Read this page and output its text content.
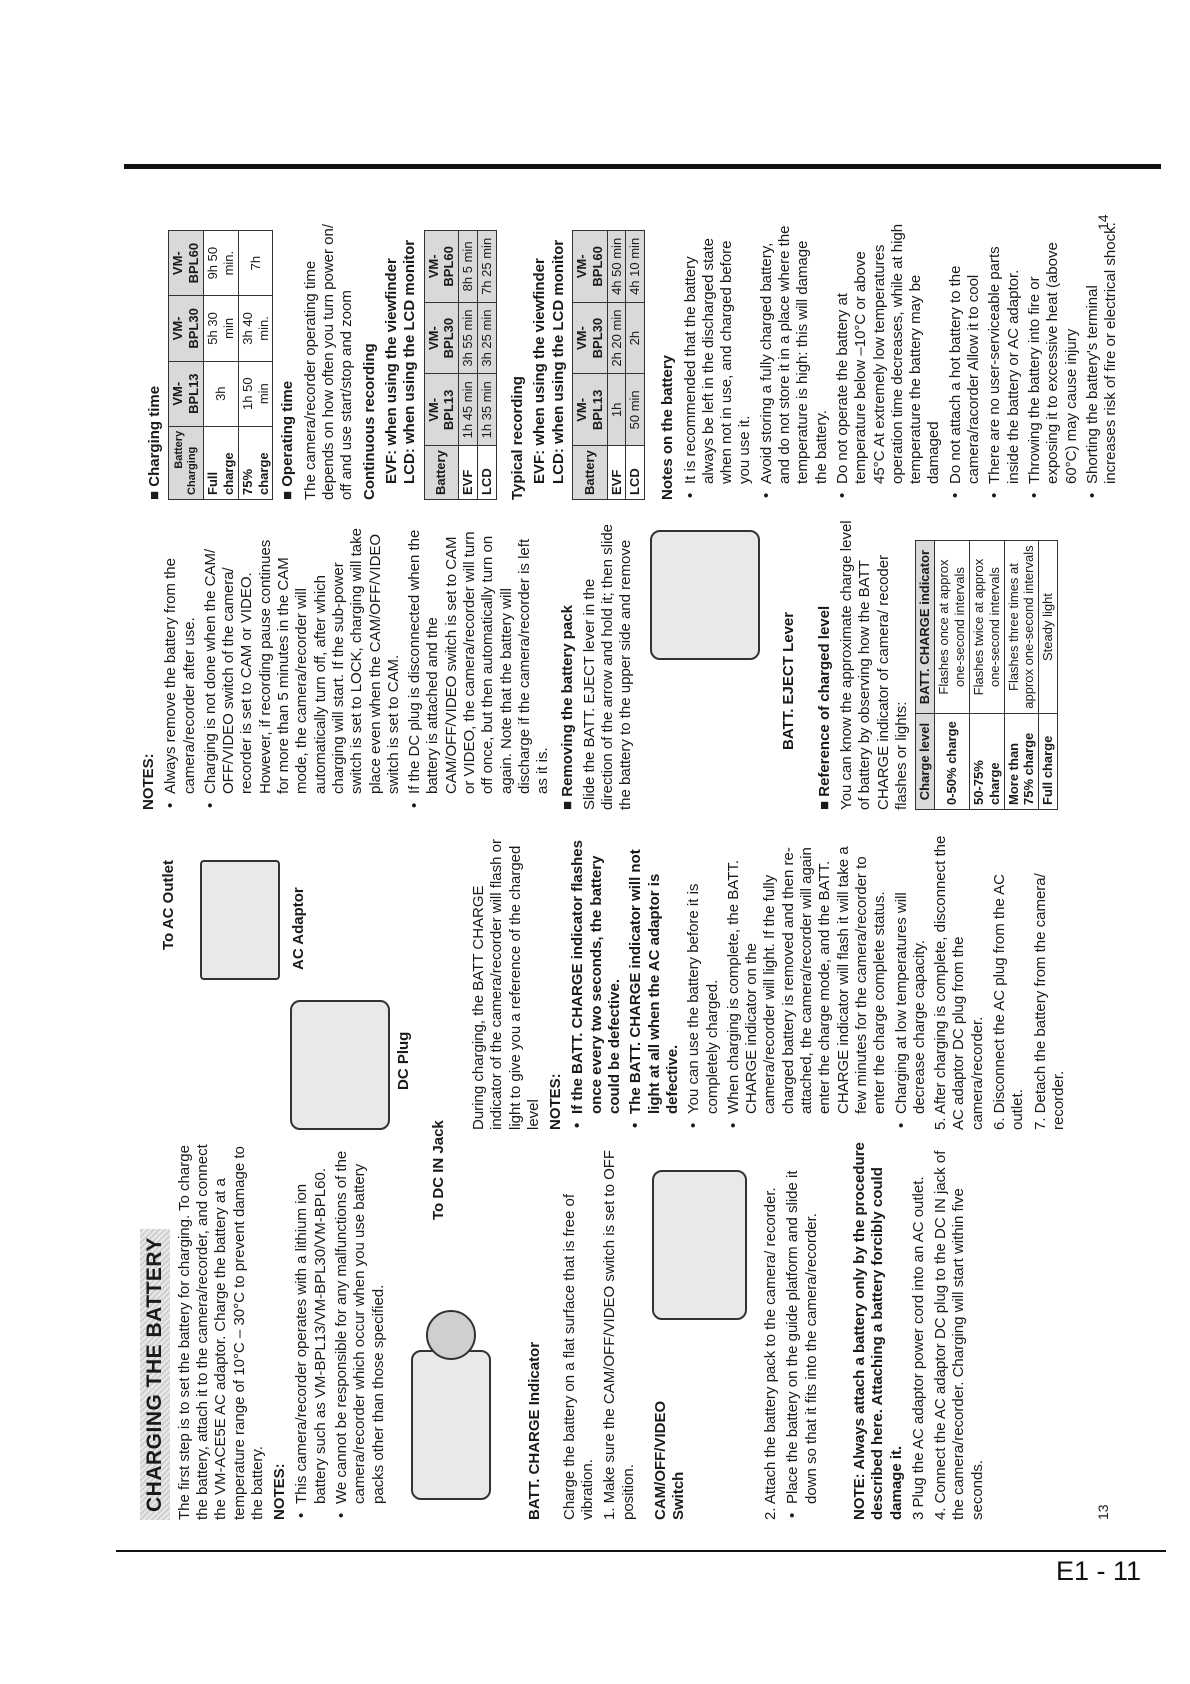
E1 - 11
CHARGING THE BATTERY The first step is to set the battery for charging. To charge the battery, attach it to the camera/recorder, and connect the VM-ACE5E AC adaptor. Charge the battery at a temperature range of 10°C – 30°C to prevent damage to the battery. NOTES: • This camera/recorder operates with a lithium ion battery such as VM-BPL13/VM-BPL30/VM-BPL60. • We cannot be responsible for any malfunctions of the camera/recorder which occur when you use battery packs other than those specified.	BATT. CHARGE Indicator Charge the battery on a flat surface that is free of vibration. 1. Make sure the CAM/OFF/VIDEO switch is set to OFF position. CAM/OFF/VIDEO Switch	2. Attach the battery pack to the camera/ recorder. • Place the battery on the guide platform and slide it down so that it fits into the camera/recorder. NOTE: Always attach a battery only by the procedure described here. Attaching a battery forcibly could damage it. 3 Plug the AC adaptor power cord into an AC outlet. 4. Connect the AC adaptor DC plug to the DC IN jack of the camera/recorder. Charging will start within five seconds.	13
To DC IN Jack
DC Plug
AC Adaptor
To AC Outlet	During charging, the BATT CHARGE indicator of the camera/recorder will flash or light to give you a reference of the charged level NOTES: • If the BATT. CHARGE indicator flashes once every two seconds, the battery could be defective. • The BATT. CHARGE indicator will not light at all when the AC adaptor is defective. • You can use the battery before it is completely charged. • When charging is complete, the BATT. CHARGE indicator on the camera/recorder will light. If the fully charged battery is removed and then re-attached, the camera/recorder will again enter the charge mode, and the BATT. CHARGE indicator will flash it will take a few minutes for the camera/recorder to enter the charge complete status. • Charging at low temperatures will decrease charge capacity. 5. After charging is complete, disconnect the AC adaptor DC plug from the camera/recorder. 6. Disconnect the AC plug from the AC outlet. 7. Detach the battery from the camera/ recorder.

NOTES: • Always remove the battery from the camera/recorder after use. • Charging is not done when the CAM/ OFF/VIDEO switch of the camera/ recorder is set to CAM or VIDEO. However, if recording pause continues for more than 5 minutes in the CAM mode, the camera/recorder will automatically turn off, after which charging will start. If the sub-power switch is set to LOCK, charging will take place even when the CAM/OFF/VIDEO switch is set to CAM. • If the DC plug is disconnected when the battery is attached and the CAM/OFF/VIDEO switch is set to CAM or VIDEO, the camera/recorder will turn off once, but then automatically turn on again. Note that the battery will discharge if the camera/recorder is left as it is. ■ Removing the battery pack Slide the BATT. EJECT lever in the direction of the arrow and hold it; then slide the battery to the upper side and remove	BATT. EJECT Lever ■ Reference of charged level You can know the approximate charge level of battery by observing how the BATT CHARGE indicator of camera/ recoder flashes or lights: Charge level	BATT. CHARGE indicator
0-50% charge	Flashes once at approx one-second intervals
50-75% charge	Flashes twice at approx one-second intervals
More than 75% charge	Flashes three times at approx one-second intervals
Full charge	Steady light

■ Charging time Battery Charging	VM-BPL13	VM-BPL30	VM-BPL60
Full charge	3h	5h 30 min	9h 50 min.
75% charge	1h 50 min	3h 40 min.	7h

■ Operating time The camera/recorder operating time depends on how often you turn power on/ off and use start/stop and zoom Continuous recording EVF: when using the viewfinder LCD: when using the LCD monitor Battery	VM-BPL13	VM-BPL30	VM-BPL60
EVF	1h 45 min	3h 55 min	8h 5 min
LCD	1h 35 min	3h 25 min	7h 25 min

Typical recording EVF: when using the viewfinder LCD: when using the LCD monitor Battery	VM-BPL13	VM-BPL30	VM-BPL60
EVF	1h	2h 20 min	4h 50 min
LCD	50 min	2h	4h 10 min

Notes on the battery • It is recommended that the battery always be left in the discharged state when not in use, and charged before you use it. • Avoid storing a fully charged battery, and do not store it in a place where the temperature is high: this will damage the battery. • Do not operate the battery at temperature below –10°C or above 45°C At extremely low temperatures operation time decreases, while at high temperature the battery may be damaged • Do not attach a hot battery to the camera/racorder Allow it to cool • There are no user-serviceable parts inside the battery or AC adaptor. • Throwing the battery into fire or exposing it to excessive heat (above 60°C) may cause injury • Shorting the battery's terminal increases risk of fire or electrical shock.
14
